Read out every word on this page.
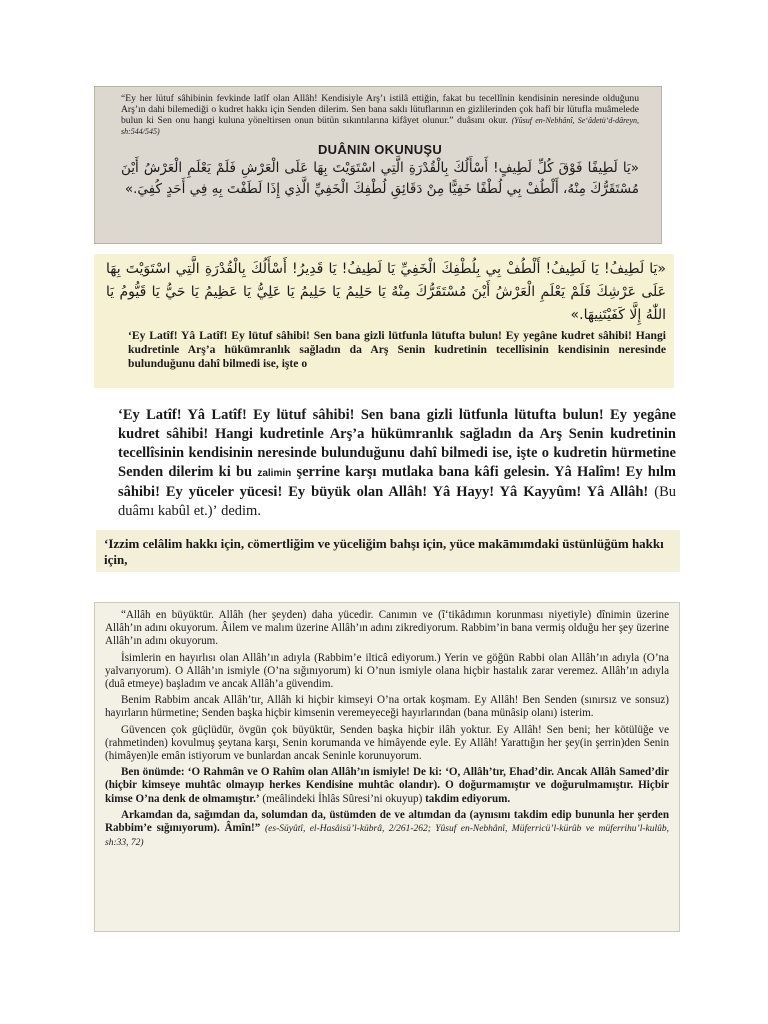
“Ey her lütuf sâhibinin fevkinde latîf olan Allâh! Kendisiyle Arş’ı istilâ ettiğin, fakat bu tecellînin kendisinin neresinde olduğunu Arş’ın dahi bilemediği o kudret hakkı için Senden dilerim. Sen bana saklı lütuflarının en gizlilerinden çok hafî bir lütufla muâmelede bulun ki Sen onu hangi kuluna yöneltirsen onun bütün sıkıntılarına kifâyet olunur.” duâsını okur. (Yûsuf en-Nebhânî, Se‘âdetü’d-dâreyn, sh:544/545)
DUÂNIN OKUNUŞU
«يَا لَطِيفًا فَوْقَ كُلِّ لَطِيفٍ! أَسْأَلُكَ بِالْقُدْرَةِ الَّتِي اسْتَوَيْتَ بِهَا عَلَى الْعَرْشِ فَلَمْ يَعْلَمِ الْعَرْشُ أَيْنَ مُسْتَقَرُّكَ مِنْهُ، أَلْطُفْ بِي لُطْفًا خَفِيًّا مِنْ دَقَائِقِ لُطْفِكَ الْخَفِيِّ الَّذِي إِذَا لَطَفْتَ بِهِ فِي أَحَدٍ كُفِيَ.»
«يَا لَطِيفُ! يَا لَطِيفُ! أَلْطُفْ بِي بِلُطْفِكَ الْخَفِيِّ يَا لَطِيفُ! يَا قَدِيرُ! أَسْأَلُكَ بِالْقُدْرَةِ الَّتِي اسْتَوَيْتَ بِهَا عَلَى عَرْشِكَ فَلَمْ يَعْلَمِ الْعَرْشُ أَيْنَ مُسْتَقَرُّكَ مِنْهُ يَا حَلِيمُ يَا حَلِيمُ يَا عَلِيُّ يَا عَظِيمُ يَا حَيُّ يَا قَيُّومُ يَا اللّٰهُ إِلَّا كَفَيْتَنِيهَا.»
‘Ey Latîf! Yâ Latîf! Ey lütuf sâhibi! Sen bana gizli lütfunla lütufta bulun! Ey yegâne kudret sâhibi! Hangi kudretinle Arş’a hükümranlık sağladın da Arş Senin kudretinin tecellîsinin kendisinin neresinde bulunduğunu dahî bilmedi ise, işte o
‘Ey Latîf! Yâ Latîf! Ey lütuf sâhibi! Sen bana gizli lütfunla lütufta bulun! Ey yegâne kudret sâhibi! Hangi kudretinle Arş’a hükümranlık sağladın da Arş Senin kudretinin tecellîsinin kendisinin neresinde bulunduğunu dahî bilmedi ise, işte o kudretin hürmetine Senden dilerim ki bu zalimin şerrine karşı mutlaka bana kâfi gelesin. Yâ Halîm! Ey hılm sâhibi! Ey yüceler yücesi! Ey büyük olan Allâh! Yâ Hayy! Yâ Kayyûm! Yâ Allâh! (Bu duâmı kabûl et.)’ dedim.
‘Izzim celâlim hakkı için, cömertliğim ve yüceliğim bahşı için, yüce makāmımdaki üstünlüğüm hakkı için,

“Allâh en büyüktür. Allâh (her şeyden) daha yücedir. Canımın ve (î‘tikâdımın korunması niyetiyle) dînimin üzerine Allâh’ın adını okuyorum. Âilem ve malım üzerine Allâh’ın adını zikrediyorum. Rabbim’in bana vermiş olduğu her şey üzerine Allâh’ın adını okuyorum.

İsimlerin en hayırlısı olan Allâh’ın adıyla (Rabbim’e ilticâ ediyorum.) Yerin ve göğün Rabbi olan Allâh’ın adıyla (O’na yalvarıyorum). O Allâh’ın ismiyle (O’na sığınıyorum) ki O’nun ismiyle olana hiçbir hastalık zarar veremez. Allâh’ın adıyla (duâ etmeye) başladım ve ancak Allâh’a güvendim.

Benim Rabbim ancak Allâh’tır, Allâh ki hiçbir kimseyi O’na ortak koşmam. Ey Allâh! Ben Senden (sınırsız ve sonsuz) hayırların hürmetine; Senden başka hiçbir kimsenin veremeyeceği hayırlarından (bana münâsip olanı) isterim.

Güvencen çok güçlüdür, övgün çok büyüktür, Senden başka hiçbir ilâh yoktur. Ey Allâh! Sen beni; her kötülüğe ve (rahmetinden) kovulmuş şeytana karşı, Senin korumanda ve himâyende eyle. Ey Allâh! Yarattığın her şey(in şerrin)den Senin (himâyen)le emân istiyorum ve bunlardan ancak Seninle korunuyorum.

Ben önümde: ‘O Rahmân ve O Rahîm olan Allâh’ın ismiyle! De ki: ‘O, Allâh’tır, Ehad’dir. Ancak Allâh Samed’dir (hiçbir kimseye muhtâc olmayıp herkes Kendisine muhtâc olandır). O doğurmamıştır ve doğurulmamıştır. Hiçbir kimse O’na denk de olmamıştır.’ (meâlindeki İhlâs Sûresi’ni okuyup) takdim ediyorum.

Arkamdan da, sağımdan da, solumdan da, üstümden de ve altımdan da (aynısını takdim edip bununla her şerden Rabbim’e sığınıyorum). Âmîn!” (es-Süyûtî, el-Hasâisü’l-kübrâ, 2/261-262; Yûsuf en-Nebhânî, Müferricü’l-kürûb ve müferrihu’l-kulûb, sh:33, 72)
